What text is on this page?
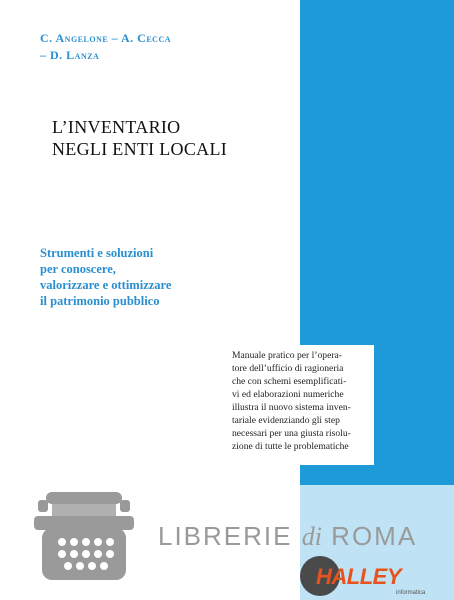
C. Angelone – A. Cecca
– D. Lanza
L’INVENTARIO
NEGLI ENTI LOCALI
Strumenti e soluzioni
per conoscere,
valorizzare e ottimizzare
il patrimonio pubblico
Manuale pratico per l’opera-
tore dell’ufficio di ragioneria
che con schemi esemplificati-
vi ed elaborazioni numeriche
illustra il nuovo sistema inven-
tariale evidenziando gli step
necessari per una giusta risolu-
zione di tutte le problematiche
LIBRERIE di ROMA
HALLEY
informatica
